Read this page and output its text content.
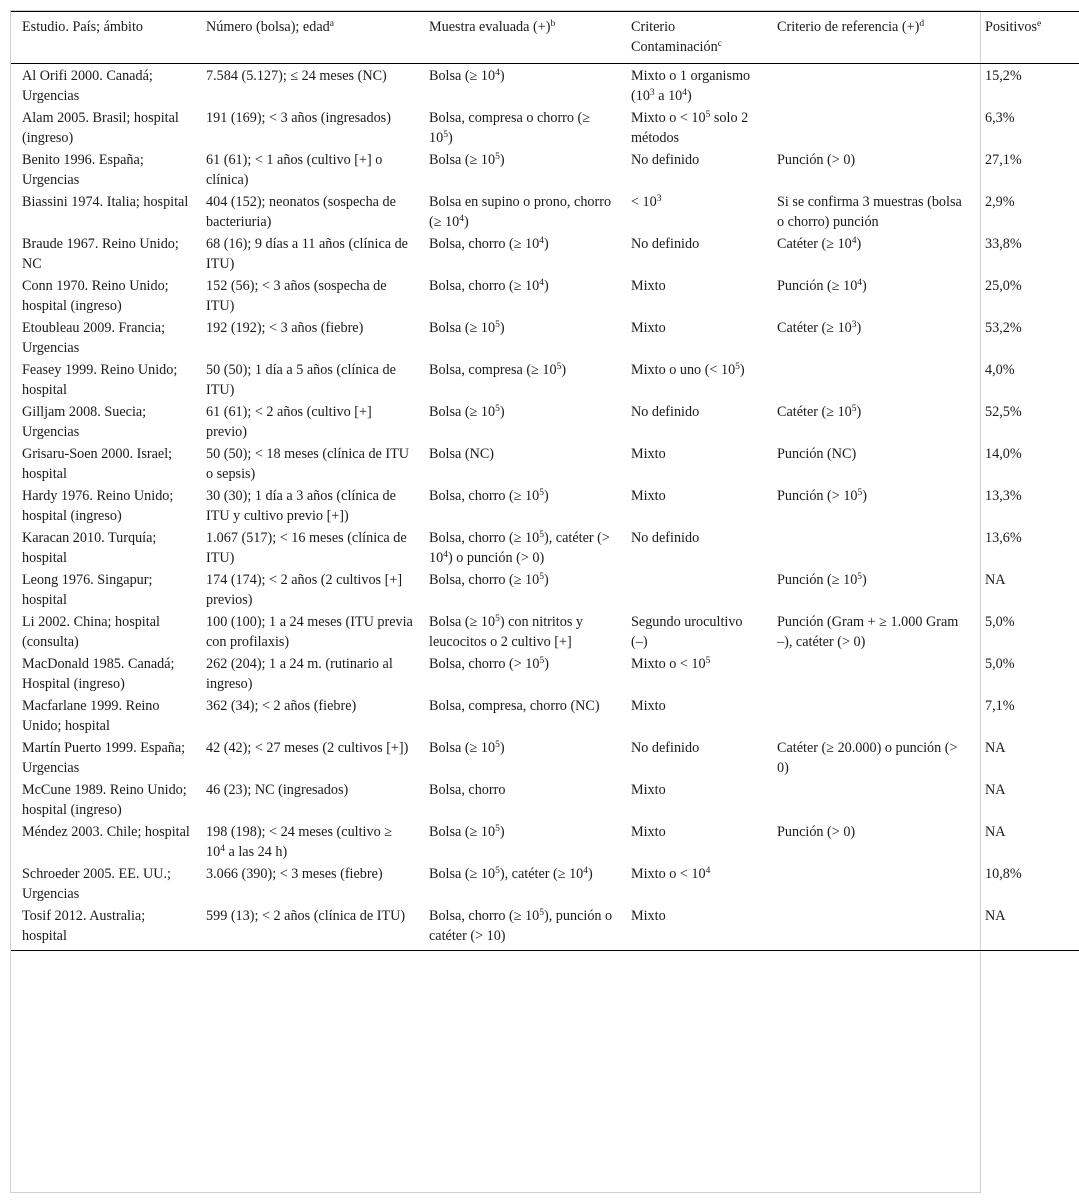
Estudio. País; ámbito	Número (bolsa); edad$^a$	Muestra evaluada $(+)^b$	Criterio Contaminación$^c$	Criterio de referencia $(+)^d$	Positivos$^e$
Al Orifi 2000. Canadá; Urgencias	7.584 (5.127); ≤ 24 meses (NC)	Bolsa (≥ $10^4$)	Mixto o 1 organismo ($10^3$ a $10^4$)		15,2%
Alam 2005. Brasil; hospital (ingreso)	191 (169); < 3 años (ingresados)	Bolsa, compresa o chorro (≥ $10^5$)	Mixto $o < 10^5$ solo 2 métodos		6,3%
Benito 1996. España; Urgencias	61 (61); < 1 años (cultivo [+] o clínica)	Bolsa (≥ $10^5$)	No definido	Punción (> 0)	27,1%
Biassini 1974. Italia; hospital	404 (152); neonatos (sospecha de bacteriuria)	Bolsa en supino o prono, chorro (≥ $10^4$)	< $10^3$	Si se confirma 3 muestras (bolsa o chorro) punción	2,9%
Braude 1967. Reino Unido; NC	68 (16); 9 días a 11 años (clínica de ITU)	Bolsa, chorro (≥ $10^4$)	No definido	Catéter (≥ $10^4$)	33,8%
Conn 1970. Reino Unido; hospital (ingreso)	152 (56); < 3 años (sospecha de ITU)	Bolsa, chorro (≥ $10^4$)	Mixto	Punción (≥ $10^4$)	25,0%
Etoubleau 2009. Francia; Urgencias	192 (192); < 3 años (fiebre)	Bolsa (≥ $10^5$)	Mixto	Catéter (≥ $10^3$)	53,2%
Feasey 1999. Reino Unido; hospital	50 (50); 1 día a 5 años (clínica de ITU)	Bolsa, compresa (≥ $10^5$)	Mixto o uno (< $10^5$)		4,0%
Gilljam 2008. Suecia; Urgencias	61 (61); < 2 años (cultivo [+] previo)	Bolsa (≥ $10^5$)	No definido	Catéter (≥ $10^5$)	52,5%
Grisaru-Soen 2000. Israel; hospital	50 (50); < 18 meses (clínica de ITU o sepsis)	Bolsa (NC)	Mixto	Punción (NC)	14,0%
Hardy 1976. Reino Unido; hospital (ingreso)	30 (30); 1 día a 3 años (clínica de ITU y cultivo previo [+])	Bolsa, chorro (≥ $10^5$)	Mixto	Punción (> $10^5$)	13,3%
Karacan 2010. Turquía; hospital	1.067 (517); < 16 meses (clínica de ITU)	Bolsa, chorro (≥ $10^5$), catéter (> $10^4$) o punción (> 0)	No definido		13,6%
Leong 1976. Singapur; hospital	174 (174); < 2 años (2 cultivos [+] previos)	Bolsa, chorro (≥ $10^5$)		Punción (≥ $10^5$)	NA
Li 2002. China; hospital (consulta)	100 (100); 1 a 24 meses (ITU previa con profilaxis)	Bolsa (≥ $10^5$) con nitritos y leucocitos o 2 cultivo [+]	Segundo urocultivo (–)	Punción (Gram + ≥ 1.000 Gram –), catéter (> 0)	5,0%
MacDonald 1985. Canadá; Hospital (ingreso)	262 (204); 1 a 24 m. (rutinario al ingreso)	Bolsa, chorro (> $10^5$)	Mixto $o < 10^5$		5,0%
Macfarlane 1999. Reino Unido; hospital	362 (34); < 2 años (fiebre)	Bolsa, compresa, chorro (NC)	Mixto		7,1%
Martín Puerto 1999. España; Urgencias	42 (42); < 27 meses (2 cultivos [+])	Bolsa (≥ $10^5$)	No definido	Catéter (≥ 20.000) o punción (> 0)	NA
McCune 1989. Reino Unido; hospital (ingreso)	46 (23); NC (ingresados)	Bolsa, chorro	Mixto		NA
Méndez 2003. Chile; hospital	198 (198); < 24 meses (cultivo ≥ $10^4$ a las 24 h)	Bolsa (≥ $10^5$)	Mixto	Punción (> 0)	NA
Schroeder 2005. EE. UU.; Urgencias	3.066 (390); < 3 meses (fiebre)	Bolsa (≥ $10^5$), catéter (≥ $10^4$)	Mixto $o < 10^4$		10,8%
Tosif 2012. Australia; hospital	599 (13); < 2 años (clínica de ITU)	Bolsa, chorro (≥ $10^5$), punción o catéter (> 10)	Mixto		NA
